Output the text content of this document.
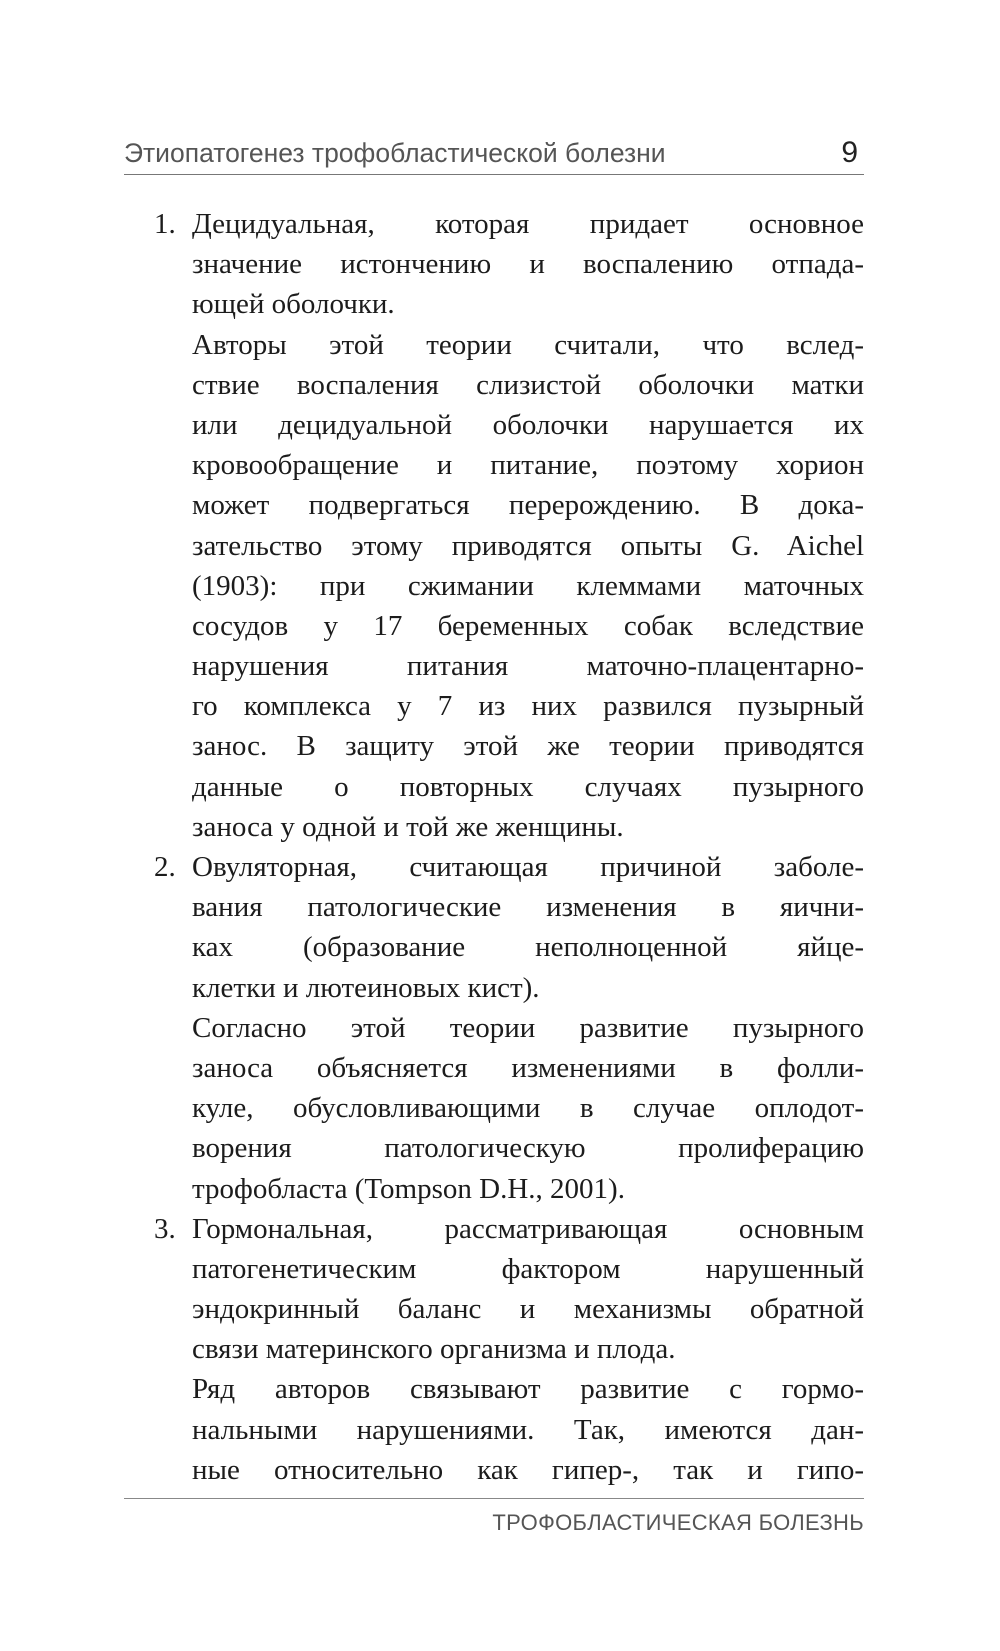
Этиопатогенез трофобластической болезни	9
1. Децидуальная, которая придает основное
значение истончению и воспалению отпада-
ющей оболочки.
Авторы этой теории считали, что вслед-
ствие воспаления слизистой оболочки матки
или децидуальной оболочки нарушается их
кровообращение и питание, поэтому хорион
может подвергаться перерождению. В дока-
зательство этому приводятся опыты G. Aichel
(1903): при сжимании клеммами маточных
сосудов у 17 беременных собак вследствие
нарушения питания маточно-плацентарно-
го комплекса у 7 из них развился пузырный
занос. В защиту этой же теории приводятся
данные о повторных случаях пузырного
заноса у одной и той же женщины.
2. Овуляторная, считающая причиной заболе-
вания патологические изменения в яични-
ках (образование неполноценной яйце-
клетки и лютеиновых кист).
Согласно этой теории развитие пузырного
заноса объясняется изменениями в фолли-
куле, обусловливающими в случае оплодот-
ворения патологическую пролиферацию
трофобласта (Tompson D.H., 2001).
3. Гормональная, рассматривающая основным
патогенетическим фактором нарушенный
эндокринный баланс и механизмы обратной
связи материнского организма и плода.
Ряд авторов связывают развитие с гормо-
нальными нарушениями. Так, имеются дан-
ные относительно как гипер-, так и гипо-
ТРОФОБЛАСТИЧЕСКАЯ БОЛЕЗНЬ
